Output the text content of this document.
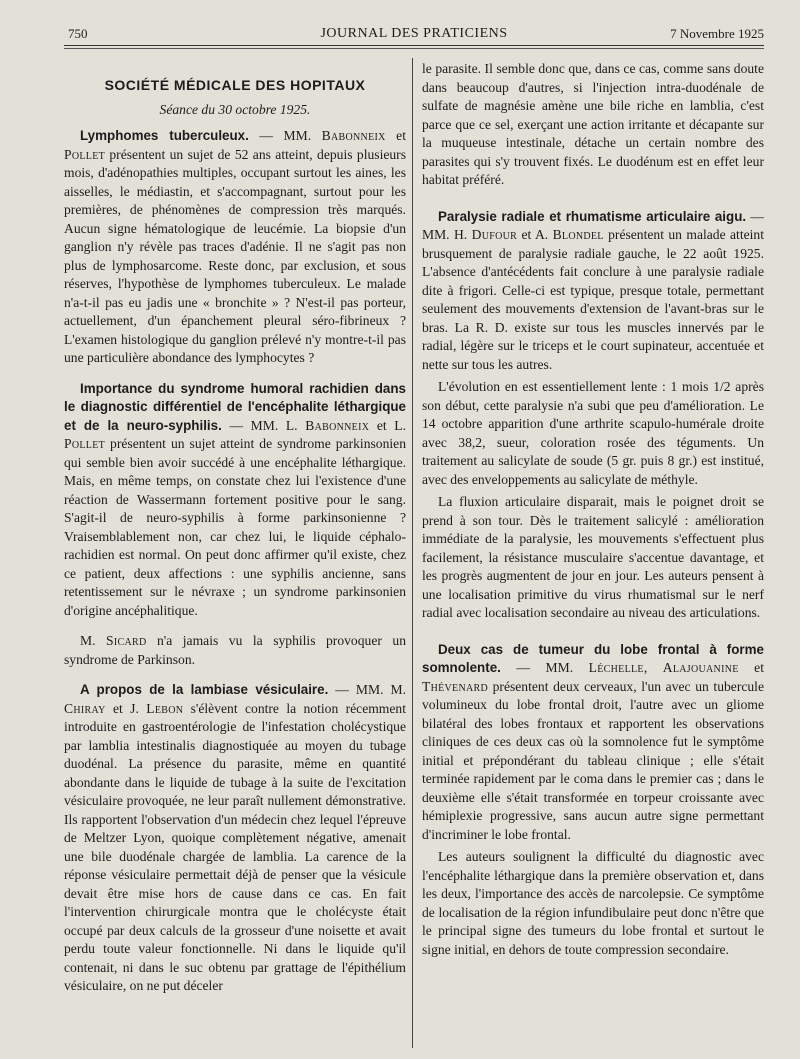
750	JOURNAL DES PRATICIENS	7 Novembre 1925
SOCIÉTÉ MÉDICALE DES HOPITAUX
Séance du 30 octobre 1925.

Lymphomes tuberculeux. — MM. Babonneix et Pollet présentent un sujet de 52 ans atteint, depuis plusieurs mois, d'adénopathies multiples, occupant surtout les aines, les aisselles, le médiastin, et s'accompagnant, surtout pour les premières, de phénomènes de compression très marqués. Aucun signe hématologique de leucémie. La biopsie d'un ganglion n'y révèle pas traces d'adénie. Il ne s'agit pas non plus de lymphosarcome. Reste donc, par exclusion, et sous réserves, l'hypothèse de lymphomes tuberculeux. Le malade n'a-t-il pas eu jadis une « bronchite » ? N'est-il pas porteur, actuellement, d'un épanchement pleural séro-fibrineux ? L'examen histologique du ganglion prélevé n'y montre-t-il pas une particulière abondance des lymphocytes ?

Importance du syndrome humoral rachidien dans le diagnostic différentiel de l'encéphalite léthargique et de la neuro-syphilis. — MM. L. Babonneix et L. Pollet présentent un sujet atteint de syndrome parkinsonien qui semble bien avoir succédé à une encéphalite léthargique. Mais, en même temps, on constate chez lui l'existence d'une réaction de Wassermann fortement positive pour le sang. S'agit-il de neuro-syphilis à forme parkinsonienne ? Vraisemblablement non, car chez lui, le liquide céphalo-rachidien est normal. On peut donc affirmer qu'il existe, chez ce patient, deux affections : une syphilis ancienne, sans retentissement sur le névraxe ; un syndrome parkinsonien d'origine ancéphalitique.

M. Sicard n'a jamais vu la syphilis provoquer un syndrome de Parkinson.

A propos de la lambiase vésiculaire. — MM. M. Chiray et J. Lebon s'élèvent contre la notion récemment introduite en gastroentérologie de l'infestation cholécystique par lamblia intestinalis diagnostiquée au moyen du tubage duodénal. La présence du parasite, même en quantité abondante dans le liquide de tubage à la suite de l'excitation vésiculaire provoquée, ne leur paraît nullement démonstrative. Ils rapportent l'observation d'un médecin chez lequel l'épreuve de Meltzer Lyon, quoique complètement négative, amenait une bile duodénale chargée de lamblia. La carence de la réponse vésiculaire permettait déjà de penser que la vésicule devait être mise hors de cause dans ce cas. En fait l'intervention chirurgicale montra que le cholécyste était occupé par deux calculs de la grosseur d'une noisette et avait perdu toute valeur fonctionnelle. Ni dans le liquide qu'il contenait, ni dans le suc obtenu par grattage de l'épithélium vésiculaire, on ne put déceler

le parasite. Il semble donc que, dans ce cas, comme sans doute dans beaucoup d'autres, si l'injection intra-duodénale de sulfate de magnésie amène une bile riche en lamblia, c'est parce que ce sel, exerçant une action irritante et décapante sur la muqueuse intestinale, détache un certain nombre des parasites qui s'y trouvent fixés. Le duodénum est en effet leur habitat préféré.

Paralysie radiale et rhumatisme articulaire aigu. — MM. H. Dufour et A. Blondel présentent un malade atteint brusquement de paralysie radiale gauche, le 22 août 1925. L'absence d'antécédents fait conclure à une paralysie radiale dite à frigori. Celle-ci est typique, presque totale, permettant seulement des mouvements d'extension de l'avant-bras sur le bras. La R. D. existe sur tous les muscles innervés par le radial, légère sur le triceps et le court supinateur, accentuée et nette sur tous les autres.

L'évolution en est essentiellement lente : 1 mois 1/2 après son début, cette paralysie n'a subi que peu d'amélioration. Le 14 octobre apparition d'une arthrite scapulo-humérale droite avec 38,2, sueur, coloration rosée des téguments. Un traitement au salicylate de soude (5 gr. puis 8 gr.) est institué, avec des enveloppements au salicylate de méthyle.

La fluxion articulaire disparait, mais le poignet droit se prend à son tour. Dès le traitement salicylé : amélioration immédiate de la paralysie, les mouvements s'effectuent plus facilement, la résistance musculaire s'accentue davantage, et les progrès augmentent de jour en jour. Les auteurs pensent à une localisation primitive du virus rhumatismal sur le nerf radial avec localisation secondaire au niveau des articulations.

Deux cas de tumeur du lobe frontal à forme somnolente. — MM. Léchelle, Alajouanine et Thévenard présentent deux cerveaux, l'un avec un tubercule volumineux du lobe frontal droit, l'autre avec un gliome bilatéral des lobes frontaux et rapportent les observations cliniques de ces deux cas où la somnolence fut le symptôme initial et prépondérant du tableau clinique ; elle s'était terminée rapidement par le coma dans le premier cas ; dans le deuxième elle s'était transformée en torpeur croissante avec hémiplexie progressive, sans aucun autre signe permettant d'incriminer le lobe frontal.

Les auteurs soulignent la difficulté du diagnostic avec l'encéphalite léthargique dans la première observation et, dans les deux, l'importance des accès de narcolepsie. Ce symptôme de localisation de la région infundibulaire peut donc n'être que le principal signe des tumeurs du lobe frontal et surtout le signe initial, en dehors de toute compression secondaire.
